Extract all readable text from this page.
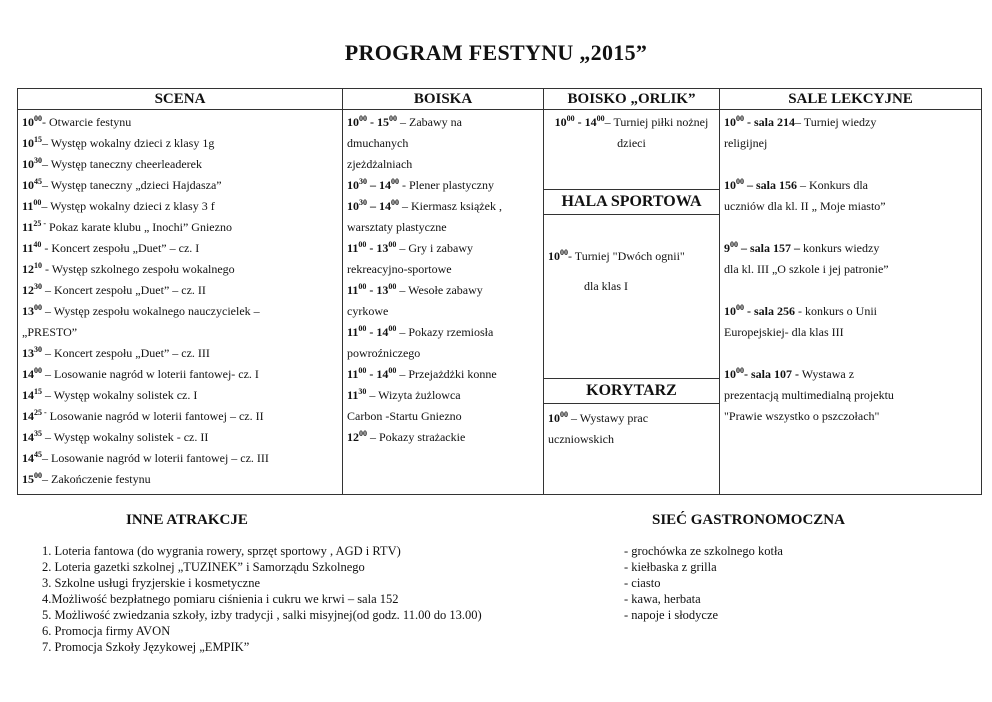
PROGRAM FESTYNU „2015”
SCENA
$10^{00}-$ Otwarcie festynu
$10^{15}-$ Występ wokalny dzieci z klasy 1g
$10^{30}-$ Występ taneczny cheerleaderek
$10^{45}-$ Występ taneczny „dzieci Hajdasza”
$11^{00}-$ Występ wokalny dzieci z klasy 3 f
$11^{25 -}$ Pokaz karate klubu „ Inochi” Gniezno
$11^{40}$ - Koncert zespołu „Duet” – cz. I
$12^{10}$ - Występ szkolnego zespołu wokalnego
$12^{30}$ – Koncert zespołu „Duet” – cz. II
$13^{00}$ – Występ zespołu wokalnego nauczycielek –
„PRESTO”
$13^{30}$ – Koncert zespołu „Duet” – cz. III
$14^{00}$ – Losowanie nagród w loterii fantowej- cz. I
$14^{15}$ – Występ wokalny solistek cz. I
$14^{25 -}$ Losowanie nagród w loterii fantowej – cz. II
$14^{35}$ – Występ wokalny solistek - cz. II
$14^{45}-$ Losowanie nagród w loterii fantowej – cz. III
$15^{00}-$ Zakończenie festynu
BOISKA
$10^{00} - 15^{00}$ – Zabawy na
dmuchanych
zjeżdżalniach
$10^{30} - 14^{00}$ - Plener plastyczny
$10^{30} - 14^{00}$ – Kiermasz książek ,
warsztaty plastyczne
$11^{00} - 13^{00}$ – Gry i zabawy
rekreacyjno-sportowe
$11^{00} - 13^{00}$ – Wesołe zabawy
cyrkowe
$11^{00} - 14^{00}$ – Pokazy rzemiosła
powroźniczego
$11^{00} - 14^{00}$ – Przejażdżki konne
$11^{30}$ – Wizyta żużlowca
Carbon -Startu Gniezno
$12^{00}$ – Pokazy strażackie
BOISKO „ORLIK”
$10^{00} - 14^{00}-$ Turniej piłki nożnej
dzieci
HALA SPORTOWA
$10^{00}-$ Turniej "Dwóch ognii"
dla klas I
KORYTARZ
$10^{00}$ – Wystawy prac
uczniowskich
SALE LEKCYJNE
$10^{00}$ - sala 214– Turniej wiedzy
religijnej
$10^{00}$ – sala 156 – Konkurs dla
uczniów dla kl. II „ Moje miasto”
$9^{00}$ – sala 157 – konkurs wiedzy
dla kl. III „O szkole i jej patronie”
$10^{00}$ - sala 256 - konkurs o Unii
Europejskiej- dla klas III
$10^{00}-$ sala 107 - Wystawa z
prezentacją multimedialną projektu
"Prawie wszystko o pszczołach"
INNE ATRAKCJE
1. Loteria fantowa (do wygrania rowery, sprzęt sportowy , AGD i RTV)
2. Loteria gazetki szkolnej „TUZINEK” i Samorządu Szkolnego
3. Szkolne usługi fryzjerskie i kosmetyczne
4.Możliwość bezpłatnego pomiaru ciśnienia i cukru we krwi – sala 152
5. Możliwość zwiedzania szkoły, izby tradycji , salki misyjnej(od godz. 11.00 do 13.00)
6. Promocja firmy AVON
7. Promocja Szkoły Językowej „EMPIK”
SIEĆ GASTRONOMOCZNA
- grochówka ze szkolnego kotła
- kiełbaska z grilla
- ciasto
- kawa, herbata
- napoje i słodycze
